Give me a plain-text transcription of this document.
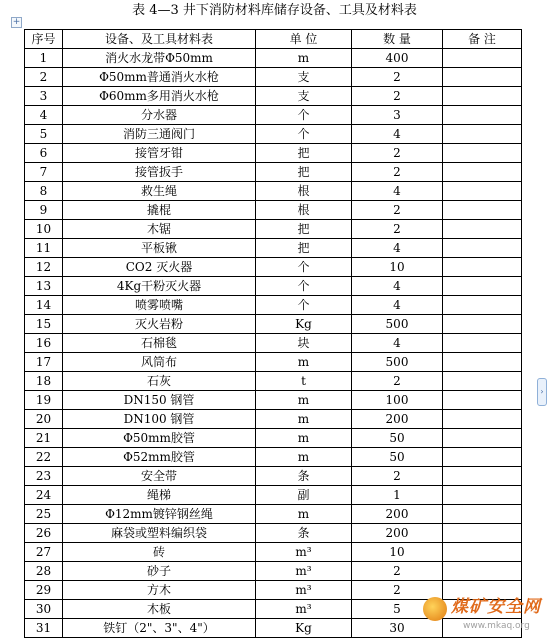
表 4—3 井下消防材料库储存设备、工具及材料表
+
序号	设备、及工具材料表	单 位	数 量	备 注
1	消火水龙带Φ50mm	m	400	
2	Φ50mm普通消火水枪	支	2	
3	Φ60mm多用消火水枪	支	2	
4	分水器	个	3	
5	消防三通阀门	个	4	
6	接管牙钳	把	2	
7	接管扳手	把	2	
8	救生绳	根	4	
9	撬棍	根	2	
10	木锯	把	2	
11	平板锹	把	4	
12	CO2 灭火器	个	10	
13	4Kg干粉灭火器	个	4	
14	喷雾喷嘴	个	4	
15	灭火岩粉	Kg	500	
16	石棉毯	块	4	
17	风筒布	m	500	
18	石灰	t	2	
19	DN150 钢管	m	100	
20	DN100 钢管	m	200	
21	Φ50mm胶管	m	50	
22	Φ52mm胶管	m	50	
23	安全带	条	2	
24	绳梯	副	1	
25	Φ12mm镀锌钢丝绳	m	200	
26	麻袋或塑料编织袋	条	200	
27	砖	m³	10	
28	砂子	m³	2	
29	方木	m³	2	
30	木板	m³	5	
31	铁钉（2"、3"、4"）	Kg	30	
›
煤矿安全网
www.mkaq.org
